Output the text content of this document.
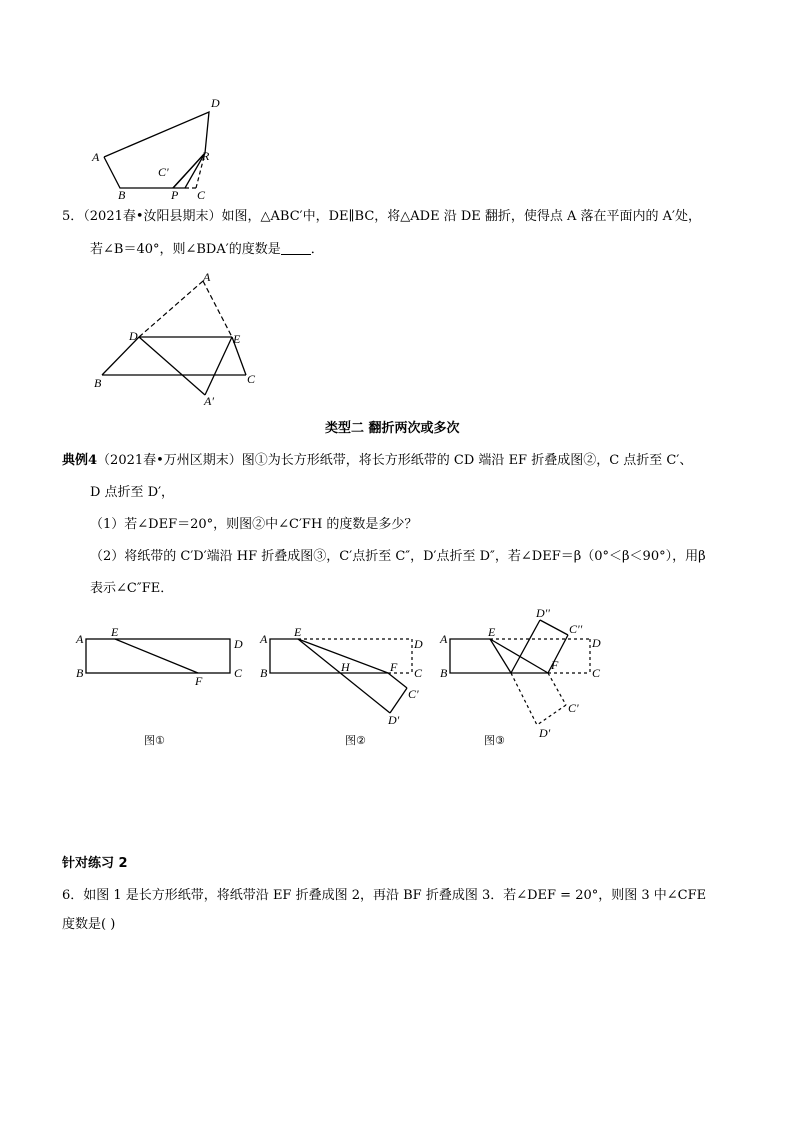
A
D
R
C'
B	P C
5．（2021春•汝阳县期末）如图，△ABC′中，DE∥BC，将△ADE 沿 DE 翻折，使得点 A 落在平面内的 A′处，
若∠B＝40°，则∠BDA′的度数是 ．
A
D	E
B	C
A′
类型二 翻折两次或多次
典例4（2021春•万州区期末）图①为长方形纸带，将长方形纸带的 CD 端沿 EF 折叠成图②，C 点折至 C′、
D 点折至 D′，
（1）若∠DEF＝20°，则图②中∠C′FH 的度数是多少？
（2）将纸带的 C′D′端沿 HF 折叠成图③，C′点折至 C″，D′点折至 D″，若∠DEF＝β（0°＜β＜90°），用β
表示∠C″FE．
A E
D
B
F
C
图①
A E
D
H	F C
B
C'
D'
图②
A	E
D''
C''
D
F
C
B
C'
D'
图③
针对练习 2
6．如图 1 是长方形纸带，将纸带沿 EF 折叠成图 2，再沿 BF 折叠成图 3．若∠DEF = 20°，则图 3 中∠CFE
度数是( )
